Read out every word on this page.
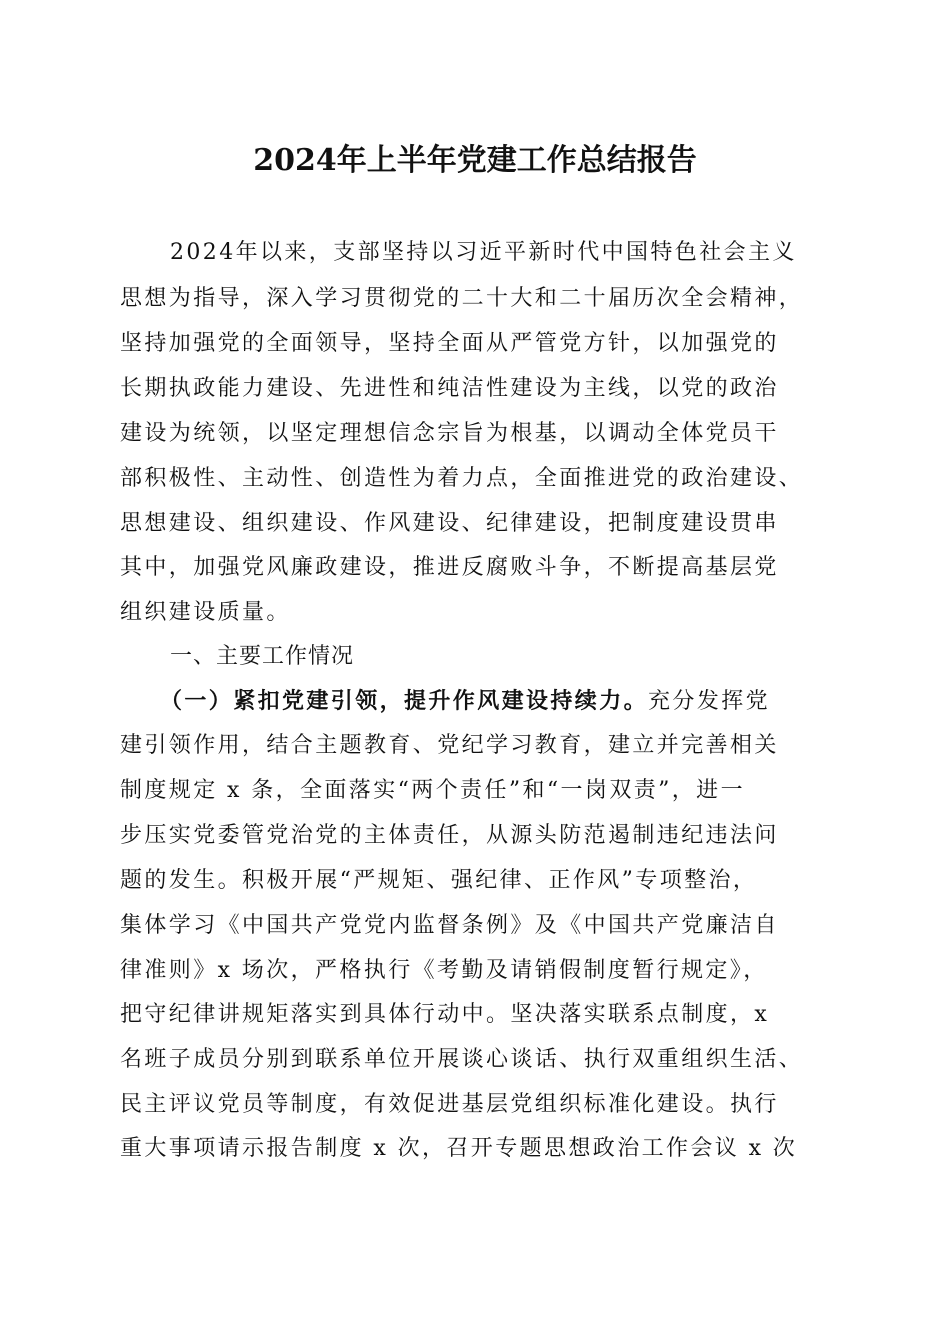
2024年上半年党建工作总结报告
2024年以来，支部坚持以习近平新时代中国特色社会主义
思想为指导，深入学习贯彻党的二十大和二十届历次全会精神，
坚持加强党的全面领导，坚持全面从严管党方针，以加强党的
长期执政能力建设、先进性和纯洁性建设为主线，以党的政治
建设为统领，以坚定理想信念宗旨为根基，以调动全体党员干
部积极性、主动性、创造性为着力点，全面推进党的政治建设、
思想建设、组织建设、作风建设、纪律建设，把制度建设贯串
其中，加强党风廉政建设，推进反腐败斗争，不断提高基层党
组织建设质量。
一、主要工作情况
（一）紧扣党建引领，提升作风建设持续力。充分发挥党
建引领作用，结合主题教育、党纪学习教育，建立并完善相关
制度规定 x 条，全面落实“两个责任”和“一岗双责”，进一
步压实党委管党治党的主体责任，从源头防范遏制违纪违法问
题的发生。积极开展“严规矩、强纪律、正作风”专项整治，
集体学习《中国共产党党内监督条例》及《中国共产党廉洁自
律准则》x 场次，严格执行《考勤及请销假制度暂行规定》，
把守纪律讲规矩落实到具体行动中。坚决落实联系点制度，x
名班子成员分别到联系单位开展谈心谈话、执行双重组织生活、
民主评议党员等制度，有效促进基层党组织标准化建设。执行
重大事项请示报告制度 x 次，召开专题思想政治工作会议 x 次
